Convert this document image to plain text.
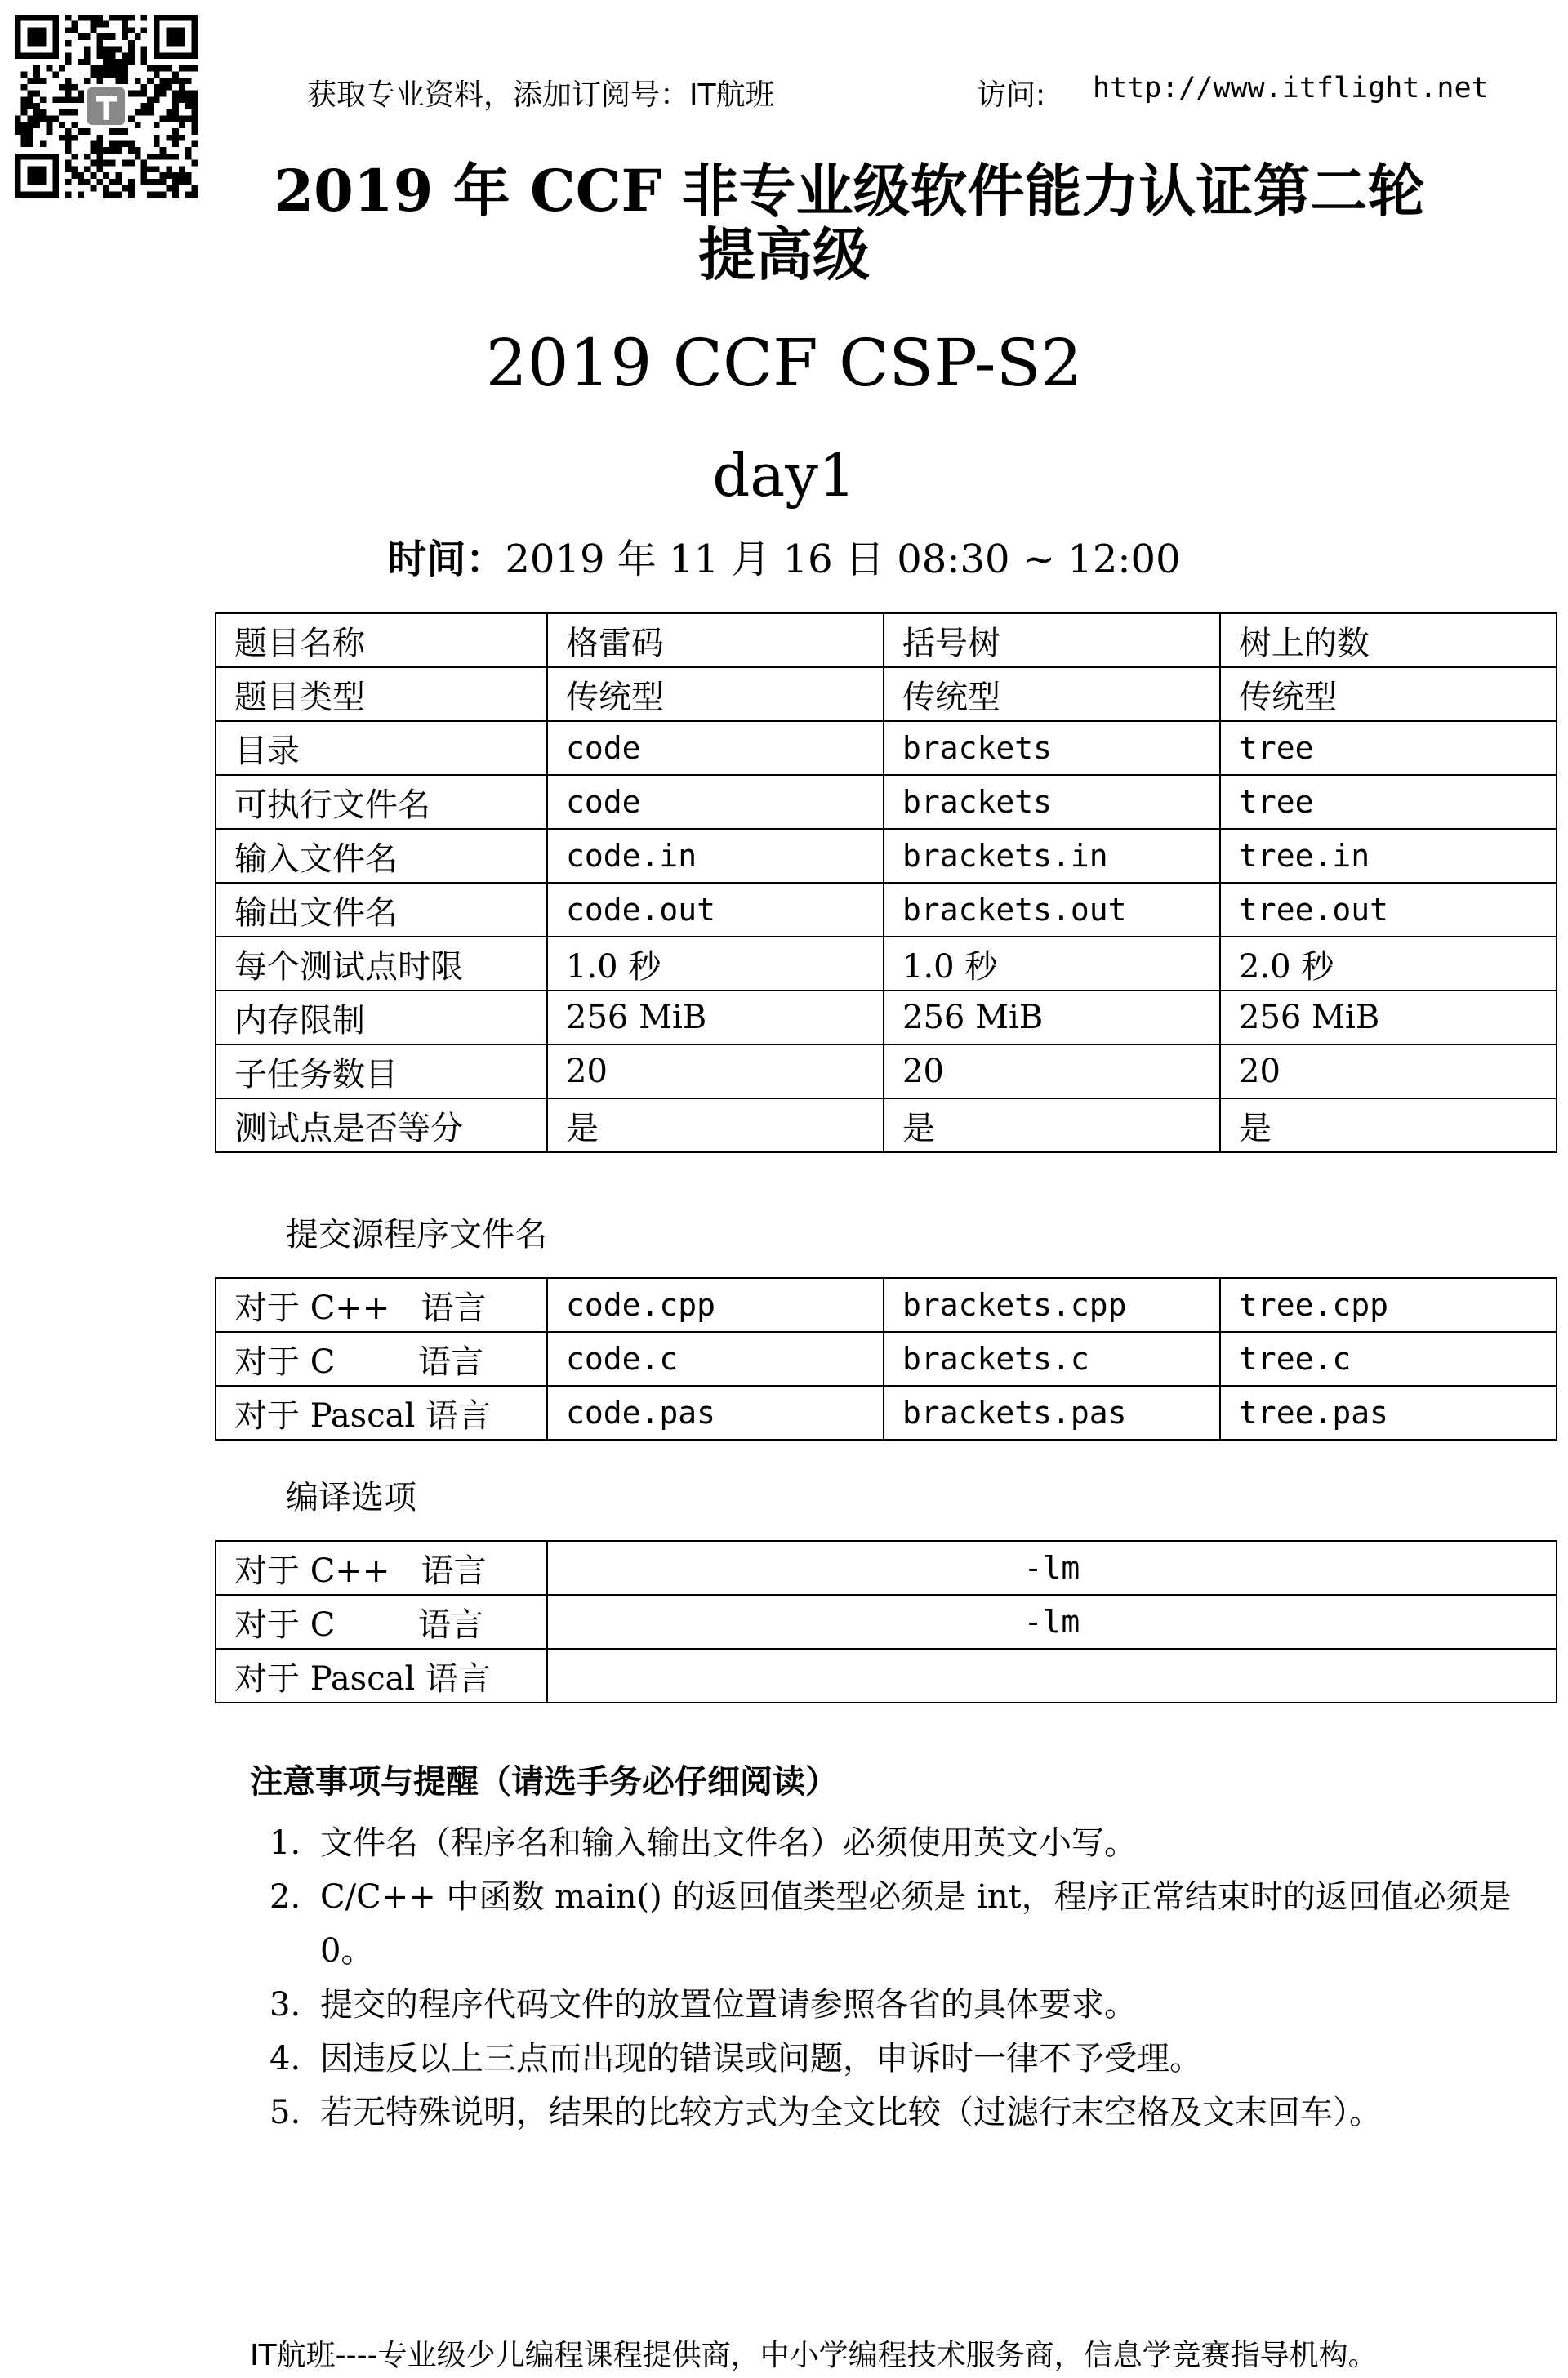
获取专业资料，添加订阅号：IT航班	访问: http://www.itflight.net
2019 年 CCF 非专业级软件能力认证第二轮
提高级
2019 CCF CSP-S2
day1
时间：2019 年 11 月 16 日 08:30 ~ 12:00
题目名称	格雷码	括号树	树上的数
题目类型	传统型	传统型	传统型
目录	code	brackets	tree
可执行文件名	code	brackets	tree
输入文件名	code.in	brackets.in	tree.in
输出文件名	code.out	brackets.out	tree.out
每个测试点时限	1.0 秒	1.0 秒	2.0 秒
内存限制	256 MiB	256 MiB	256 MiB
子任务数目	20	20	20
测试点是否等分	是	是	是
提交源程序文件名
对于 C++   语言	code.cpp	brackets.cpp	tree.cpp
对于 C        语言	code.c	brackets.c	tree.c
对于 Pascal 语言	code.pas	brackets.pas	tree.pas
编译选项
对于 C++   语言	-lm
对于 C        语言	-lm
对于 Pascal 语言	
注意事项与提醒（请选手务必仔细阅读）
1. 文件名（程序名和输入输出文件名）必须使用英文小写。
2. C/C++ 中函数 main() 的返回值类型必须是 int，程序正常结束时的返回值必须是 0。
3. 提交的程序代码文件的放置位置请参照各省的具体要求。
4. 因违反以上三点而出现的错误或问题，申诉时一律不予受理。
5. 若无特殊说明，结果的比较方式为全文比较（过滤行末空格及文末回车）。
IT航班----专业级少儿编程课程提供商，中小学编程技术服务商，信息学竞赛指导机构。
